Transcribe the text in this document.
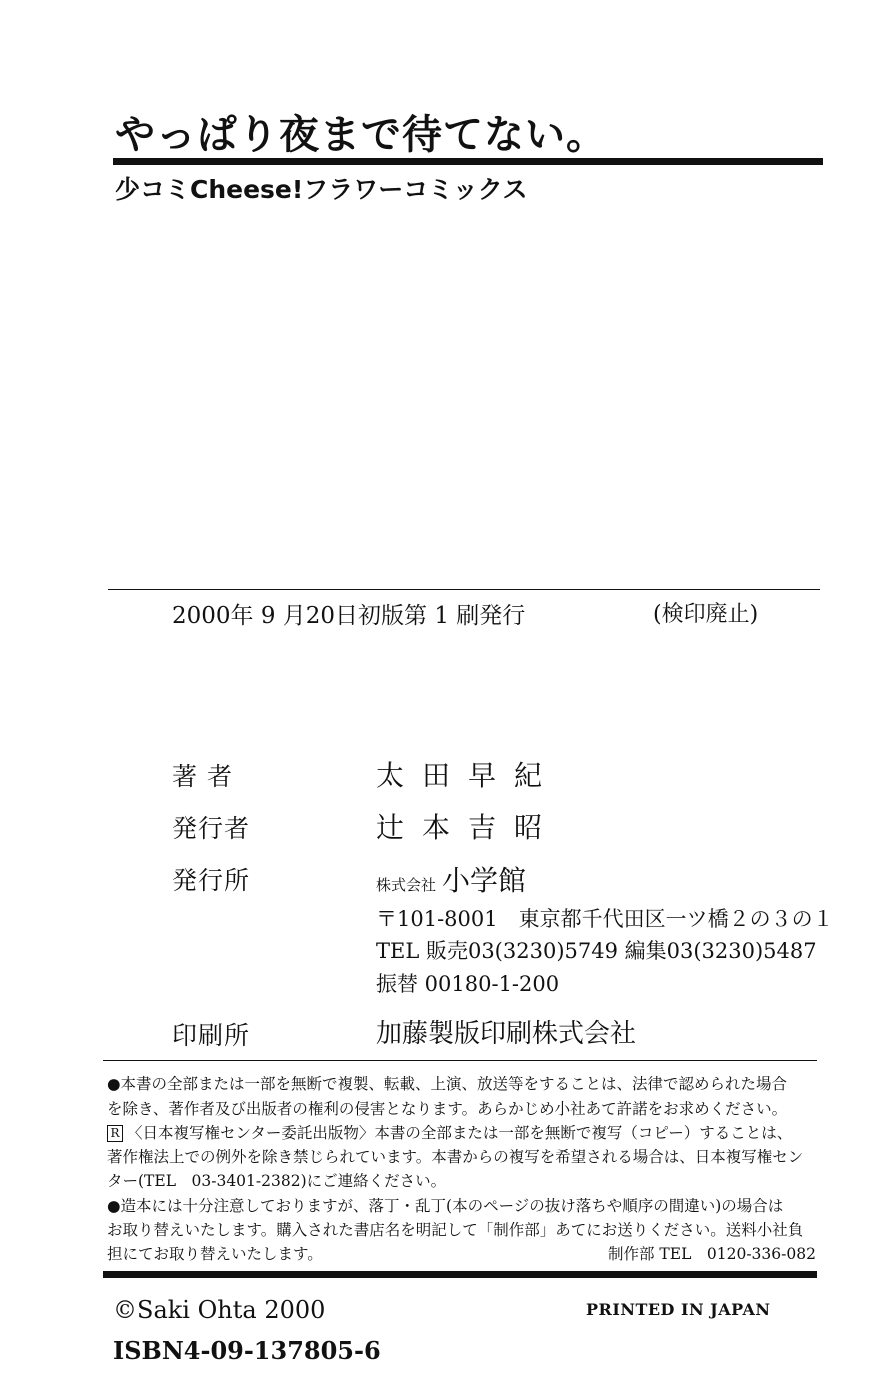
やっぱり夜まで待てない。
少コミCheese!フラワーコミックス
2000年 9 月20日初版第 1 刷発行	(検印廃止)
著 者	太田早紀
発行者	辻本吉昭
発行所	株式会社 小学館
〒101-8001　東京都千代田区一ツ橋２の３の１
TEL 販売03(3230)5749 編集03(3230)5487
振替 00180-1-200
印刷所	加藤製版印刷株式会社
●本書の全部または一部を無断で複製、転載、上演、放送等をすることは、法律で認められた場合
を除き、著作者及び出版者の権利の侵害となります。あらかじめ小社あて許諾をお求めください。
R 〈日本複写権センター委託出版物〉本書の全部または一部を無断で複写（コピー）することは、
著作権法上での例外を除き禁じられています。本書からの複写を希望される場合は、日本複写権セン
ター(TEL　03-3401-2382)にご連絡ください。
●造本には十分注意しておりますが、落丁・乱丁(本のページの抜け落ちや順序の間違い)の場合は
お取り替えいたします。購入された書店名を明記して「制作部」あてにお送りください。送料小社負
担にてお取り替えいたします。	制作部 TEL　0120-336-082
©Saki Ohta 2000	PRINTED IN JAPAN
ISBN4-09-137805-6
